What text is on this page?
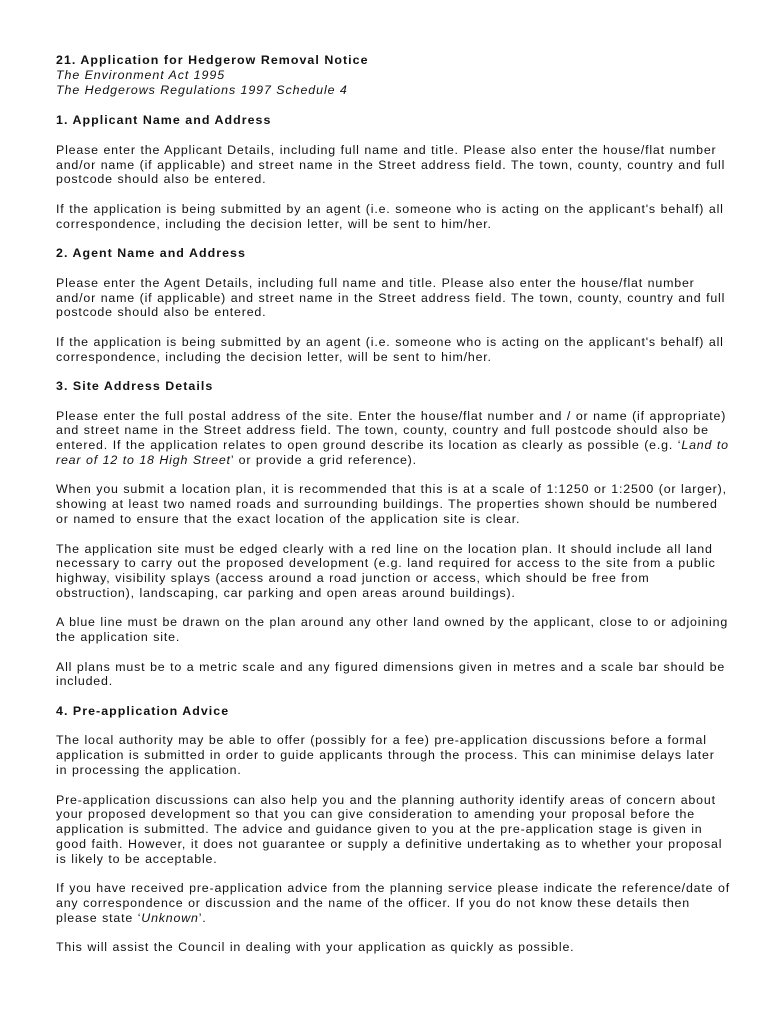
21. Application for Hedgerow Removal Notice

The Environment Act 1995

The Hedgerows Regulations 1997 Schedule 4

1. Applicant Name and Address

Please enter the Applicant Details, including full name and title. Please also enter the house/flat number and/or name (if applicable) and street name in the Street address field. The town, county, country and full postcode should also be entered.

If the application is being submitted by an agent (i.e. someone who is acting on the applicant's behalf) all correspondence, including the decision letter, will be sent to him/her.

2. Agent Name and Address

Please enter the Agent Details, including full name and title. Please also enter the house/flat number and/or name (if applicable) and street name in the Street address field. The town, county, country and full postcode should also be entered.

If the application is being submitted by an agent (i.e. someone who is acting on the applicant's behalf) all correspondence, including the decision letter, will be sent to him/her.

3. Site Address Details

Please enter the full postal address of the site. Enter the house/flat number and / or name (if appropriate) and street name in the Street address field. The town, county, country and full postcode should also be entered. If the application relates to open ground describe its location as clearly as possible (e.g. ‘Land to rear of 12 to 18 High Street’ or provide a grid reference).

When you submit a location plan, it is recommended that this is at a scale of 1:1250 or 1:2500 (or larger), showing at least two named roads and surrounding buildings. The properties shown should be numbered or named to ensure that the exact location of the application site is clear.

The application site must be edged clearly with a red line on the location plan. It should include all land necessary to carry out the proposed development (e.g. land required for access to the site from a public highway, visibility splays (access around a road junction or access, which should be free from obstruction), landscaping, car parking and open areas around buildings).

A blue line must be drawn on the plan around any other land owned by the applicant, close to or adjoining the application site.

All plans must be to a metric scale and any figured dimensions given in metres and a scale bar should be included.

4. Pre-application Advice

The local authority may be able to offer (possibly for a fee) pre-application discussions before a formal application is submitted in order to guide applicants through the process. This can minimise delays later in processing the application.

Pre-application discussions can also help you and the planning authority identify areas of concern about your proposed development so that you can give consideration to amending your proposal before the application is submitted. The advice and guidance given to you at the pre-application stage is given in good faith. However, it does not guarantee or supply a definitive undertaking as to whether your proposal is likely to be acceptable.

If you have received pre-application advice from the planning service please indicate the reference/date of any correspondence or discussion and the name of the officer. If you do not know these details then please state ‘Unknown’.

This will assist the Council in dealing with your application as quickly as possible.
